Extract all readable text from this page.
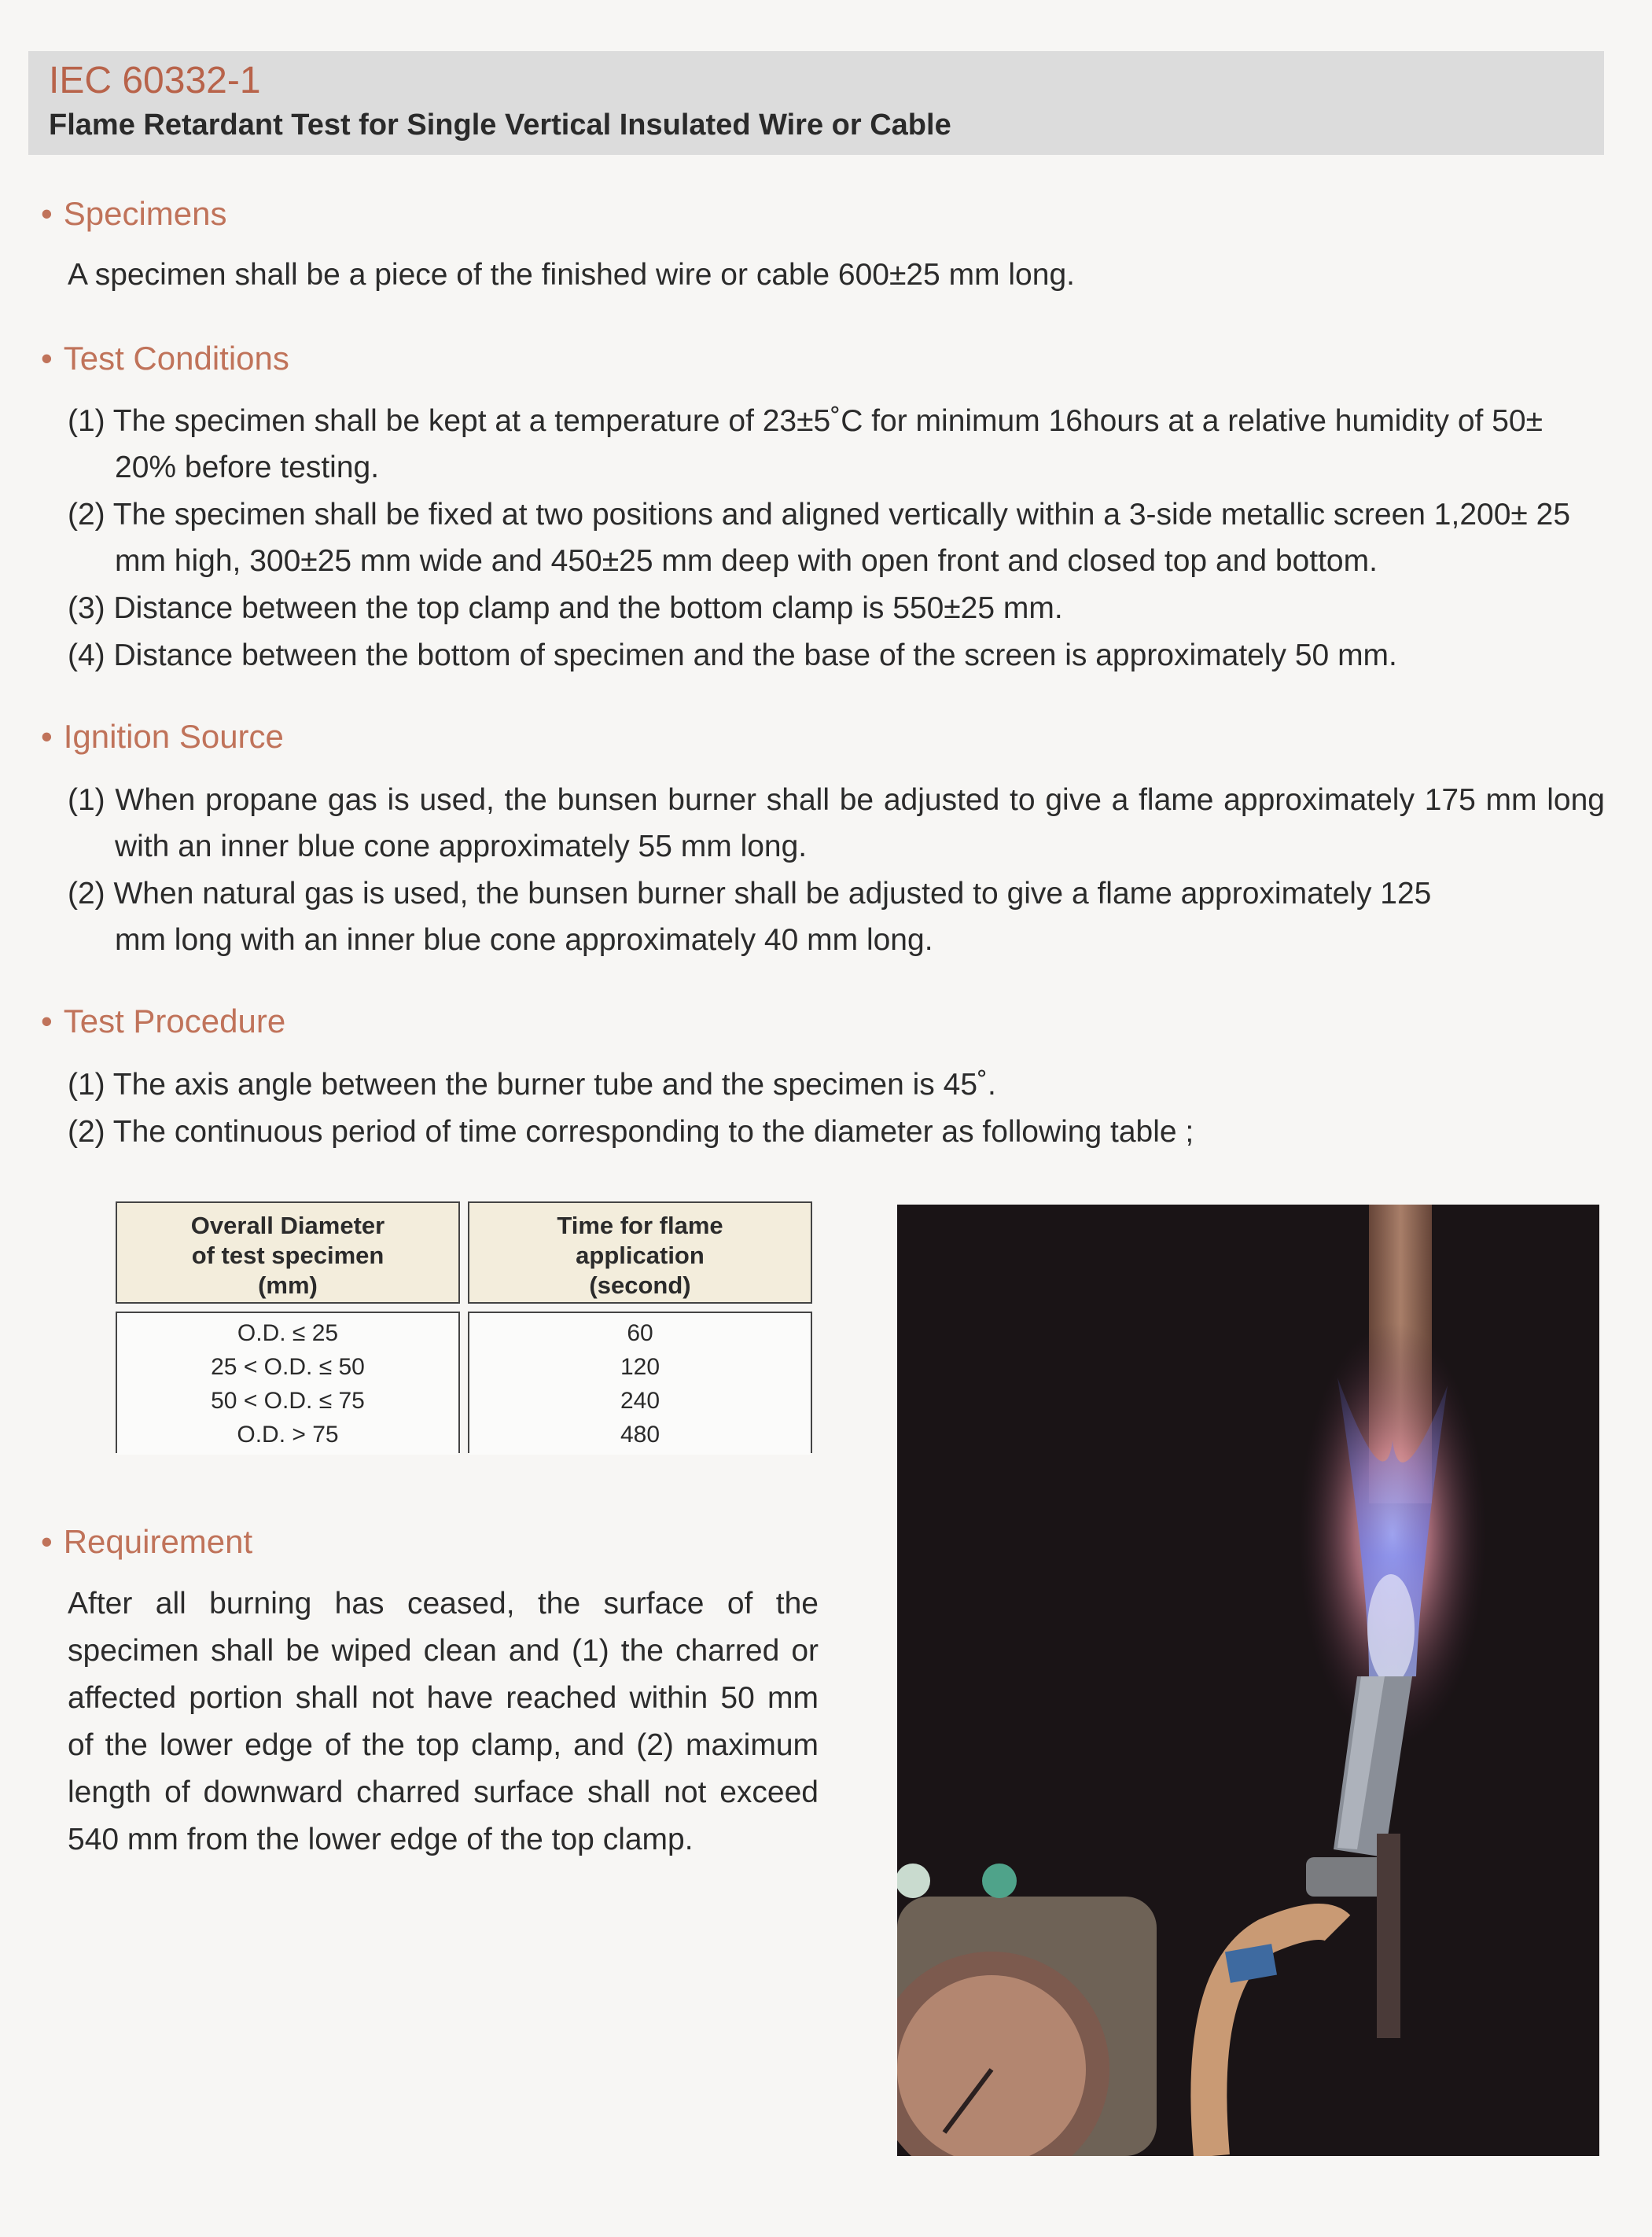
IEC 60332-1
Flame Retardant Test for Single Vertical Insulated Wire or Cable
• Specimens
A specimen shall be a piece of the finished wire or cable 600±25 mm long.
• Test Conditions
(1) The specimen shall be kept at a temperature of 23±5˚C for minimum 16hours at a relative humidity of 50± 20% before testing.
(2) The specimen shall be fixed at two positions and aligned vertically within a 3-side metallic screen 1,200± 25 mm high, 300±25 mm wide and 450±25 mm deep with open front and closed top and bottom.
(3) Distance between the top clamp and the bottom clamp is 550±25 mm.
(4) Distance between the bottom of specimen and the base of the screen is approximately 50 mm.
• Ignition Source
(1) When propane gas is used, the bunsen burner shall be adjusted to give a flame approximately 175 mm long with an inner blue cone approximately 55 mm long.
(2) When natural gas is used, the bunsen burner shall be adjusted to give a flame approximately 125 mm long with an inner blue cone approximately 40 mm long.
• Test Procedure
(1) The axis angle between the burner tube and the specimen is 45˚.
(2) The continuous period of time corresponding to the diameter as following table ;
Overall Diameter
of test specimen
(mm)
Time for flame
application
(second)
O.D. ≤ 25
25 < O.D. ≤ 50
50 < O.D. ≤ 75
O.D. > 75
60
120
240
480
• Requirement
After all burning has ceased, the surface of the specimen shall be wiped clean and (1) the charred or affected portion shall not have reached within 50 mm of the lower edge of the top clamp, and (2) maximum length of downward charred surface shall not exceed 540 mm from the lower edge of the top clamp.
